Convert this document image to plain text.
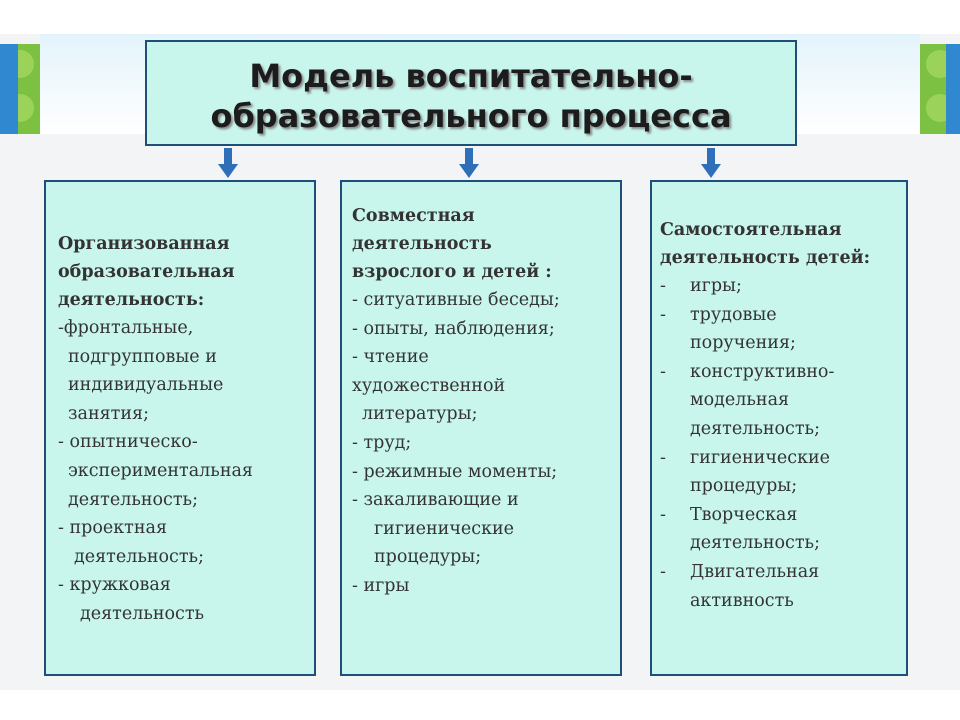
Модель воспитательно-
образовательного процесса
Организованная
образовательная
деятельность:
-фронтальные,
подгрупповые и
индивидуальные
занятия;
- опытническо-
экспериментальная
деятельность;
- проектная
деятельность;
- кружковая
деятельность
Совместная
деятельность
взрослого и детей :
- ситуативные беседы;
- опыты, наблюдения;
- чтение
художественной
литературы;
- труд;
- режимные моменты;
- закаливающие и
гигиенические
процедуры;
- игры
Самостоятельная
деятельность детей:
- игры;
- трудовые
поручения;
- конструктивно-
модельная
деятельность;
- гигиенические
процедуры;
- Творческая
деятельность;
- Двигательная
активность
